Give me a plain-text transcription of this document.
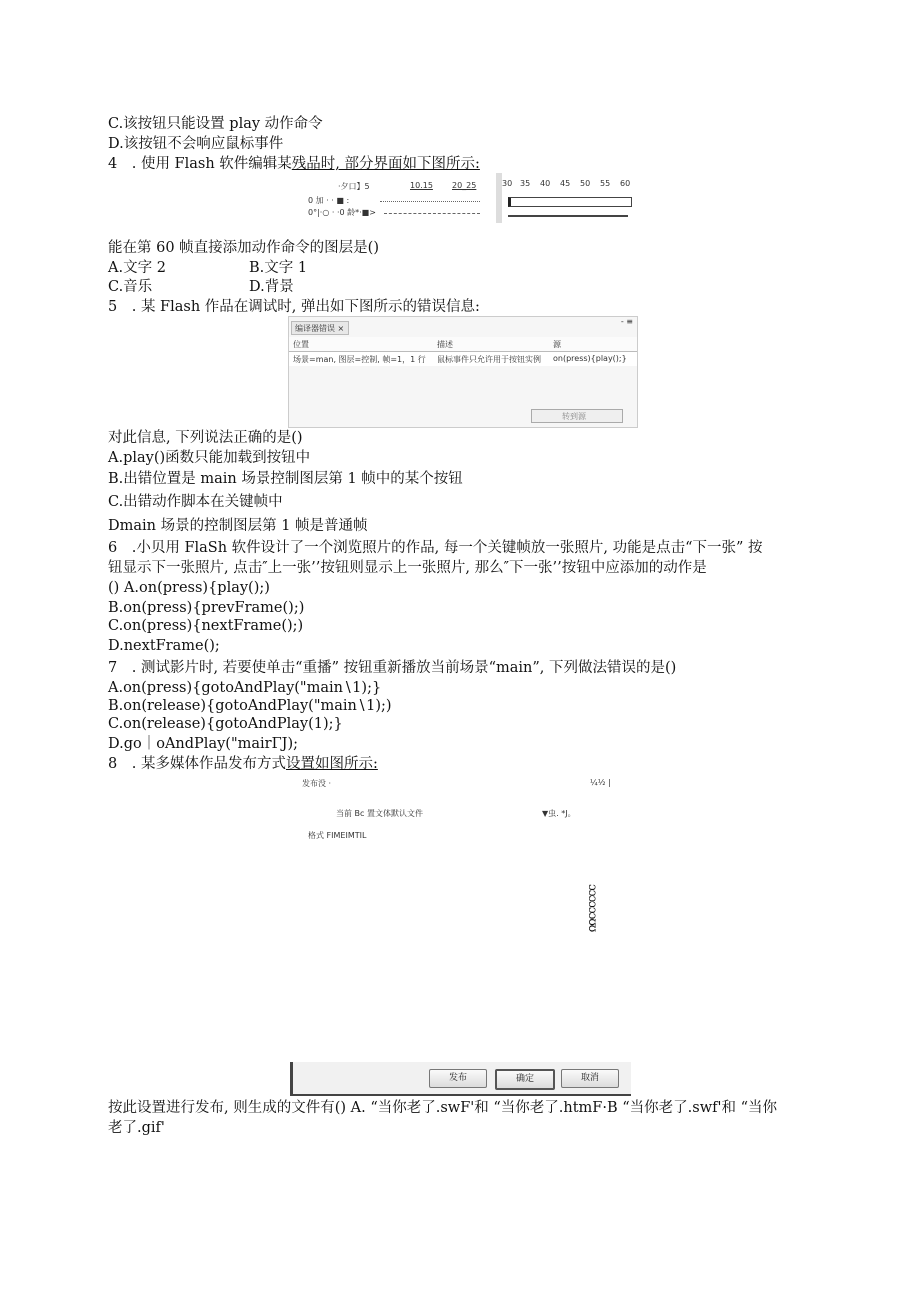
C.该按钮只能设置 play 动作命令
D.该按钮不会响应鼠标事件
4　. 使用 Flash 软件编辑某残品时, 部分界面如下图所示:
·夕口】5	10.15 20_25
0 加 · · ■ :
0°|·○ · ·0 龄*·■>
30 35 40 45 50 55 60
能在第 60 帧直接添加动作命令的图层是()
A.文字 2	B.文字 1
C.音乐	D.背景
5　. 某 Flash 作品在调试时, 弹出如下图所示的错误信息:
编译器错误 ×
- ≡
位置	描述	源
场景=man, 图层=控制, 帧=1，1 行 鼠标事件只允许用于按钮实例 on(press){play();}
转到源
对此信息, 下列说法正确的是()
A.play()函数只能加载到按钮中
B.出错位置是 main 场景控制图层第 1 帧中的某个按钮
C.出错动作脚本在关键帧中
Dmain 场景的控制图层第 1 帧是普通帧
6　.小贝用 FlaSh 软件设计了一个浏览照片的作品, 每一个关键帧放一张照片, 功能是点击“下一张” 按
钮显示下一张照片, 点击″上一张’’按钮则显示上一张照片, 那么″下一张’’按钮中应添加的动作是
() A.on(press){play();)
B.on(press){prevFrame();)
C.on(press){nextFrame();)
D.nextFrame();
7　. 测试影片时, 若要使单击“重播” 按钮重新播放当前场景“main”, 下列做法错误的是()
A.on(press){gotoAndPlay("main∖1);}
B.on(release){gotoAndPlay("main∖1);)
C.on(release){gotoAndPlay(1);}
D.go｜oAndPlay("mairΓJ);
8　. 某多媒体作品发布方式设置如图所示:
发布没 ·	¼½ |
当前 Bc 置文体默认文件	▼虫. *J。
格式 FIMΕIMTIL
ɔɔɔɔɔɔʊʊ
发布	确定	取消
按此设置进行发布, 则生成的文件有() A. “当你老了.swF'和 “当你老了.htmF·B “当你老了.swf'和 “当你
老了.gif'
